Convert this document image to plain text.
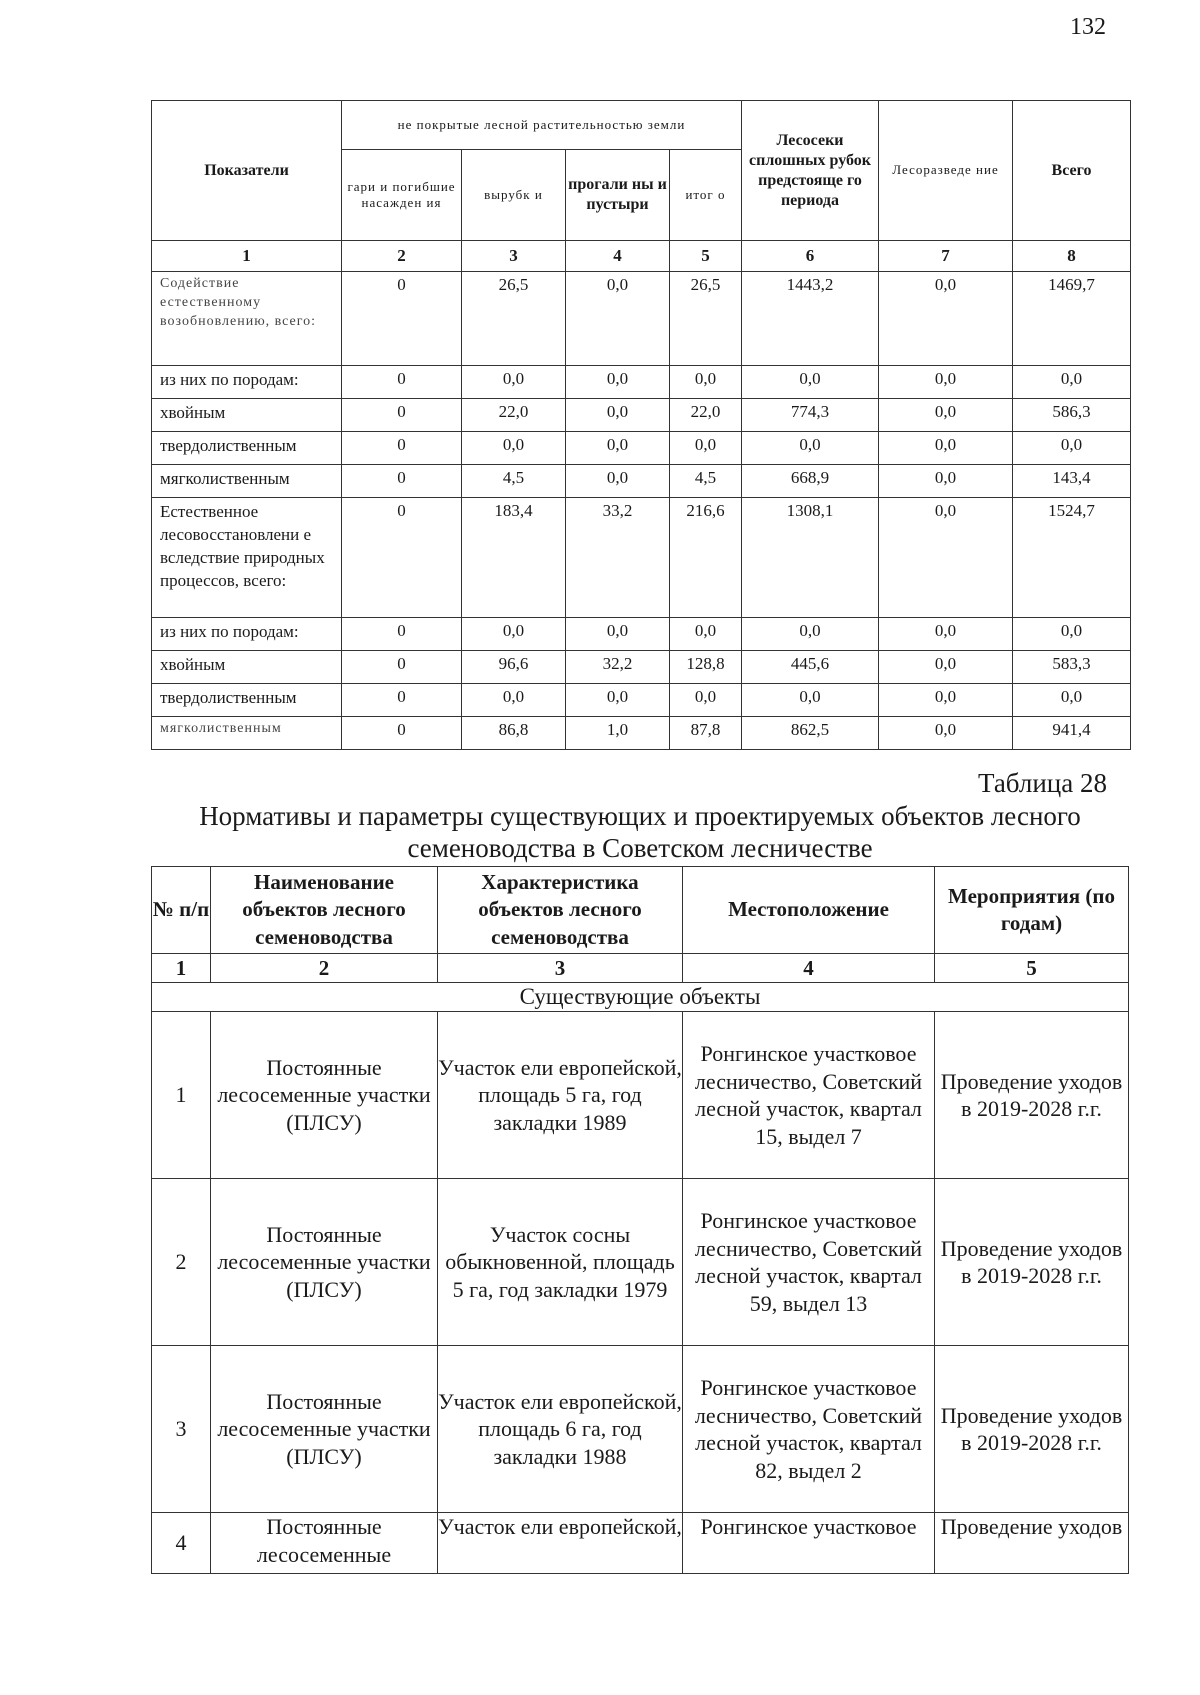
132
Показатели	не покрытые лесной растительностью земли				Лесосеки сплошных рубок предстояще го периода	Лесоразведе ние	Всего
	гари и погибшие насажден ия	вырубк и	прогали ны и пустыри	итог о			
1	2	3	4	5	6	7	8
Содействие естественному возобновлению, всего:	0	26,5	0,0	26,5	1443,2	0,0	1469,7
из них по породам:	0	0,0	0,0	0,0	0,0	0,0	0,0
хвойным	0	22,0	0,0	22,0	774,3	0,0	586,3
твердолиственным	0	0,0	0,0	0,0	0,0	0,0	0,0
мягколиственным	0	4,5	0,0	4,5	668,9	0,0	143,4
Естественное лесовосстановлени е вследствие природных процессов, всего:	0	183,4	33,2	216,6	1308,1	0,0	1524,7
из них по породам:	0	0,0	0,0	0,0	0,0	0,0	0,0
хвойным	0	96,6	32,2	128,8	445,6	0,0	583,3
твердолиственным	0	0,0	0,0	0,0	0,0	0,0	0,0
мягколиственным	0	86,8	1,0	87,8	862,5	0,0	941,4
Таблица 28
Нормативы и параметры существующих и проектируемых объектов лесного семеноводства в Советском лесничестве
№ п/п	Наименование объектов лесного семеноводства	Характеристика объектов лесного семеноводства	Местоположение	Мероприятия (по годам)
1	2	3	4	5
Существующие объекты				
1	Постоянные лесосеменные участки (ПЛСУ)	Участок ели европейской, площадь 5 га, год закладки 1989	Ронгинское участковое лесничество, Советский лесной участок, квартал 15, выдел 7	Проведение уходов в 2019-2028 г.г.
2	Постоянные лесосеменные участки (ПЛСУ)	Участок сосны обыкновенной, площадь 5 га, год закладки 1979	Ронгинское участковое лесничество, Советский лесной участок, квартал 59, выдел 13	Проведение уходов в 2019-2028 г.г.
3	Постоянные лесосеменные участки (ПЛСУ)	Участок ели европейской, площадь 6 га, год закладки 1988	Ронгинское участковое лесничество, Советский лесной участок, квартал 82, выдел 2	Проведение уходов в 2019-2028 г.г.
4	Постоянные лесосеменные	Участок ели европейской,	Ронгинское участковое	Проведение уходов
